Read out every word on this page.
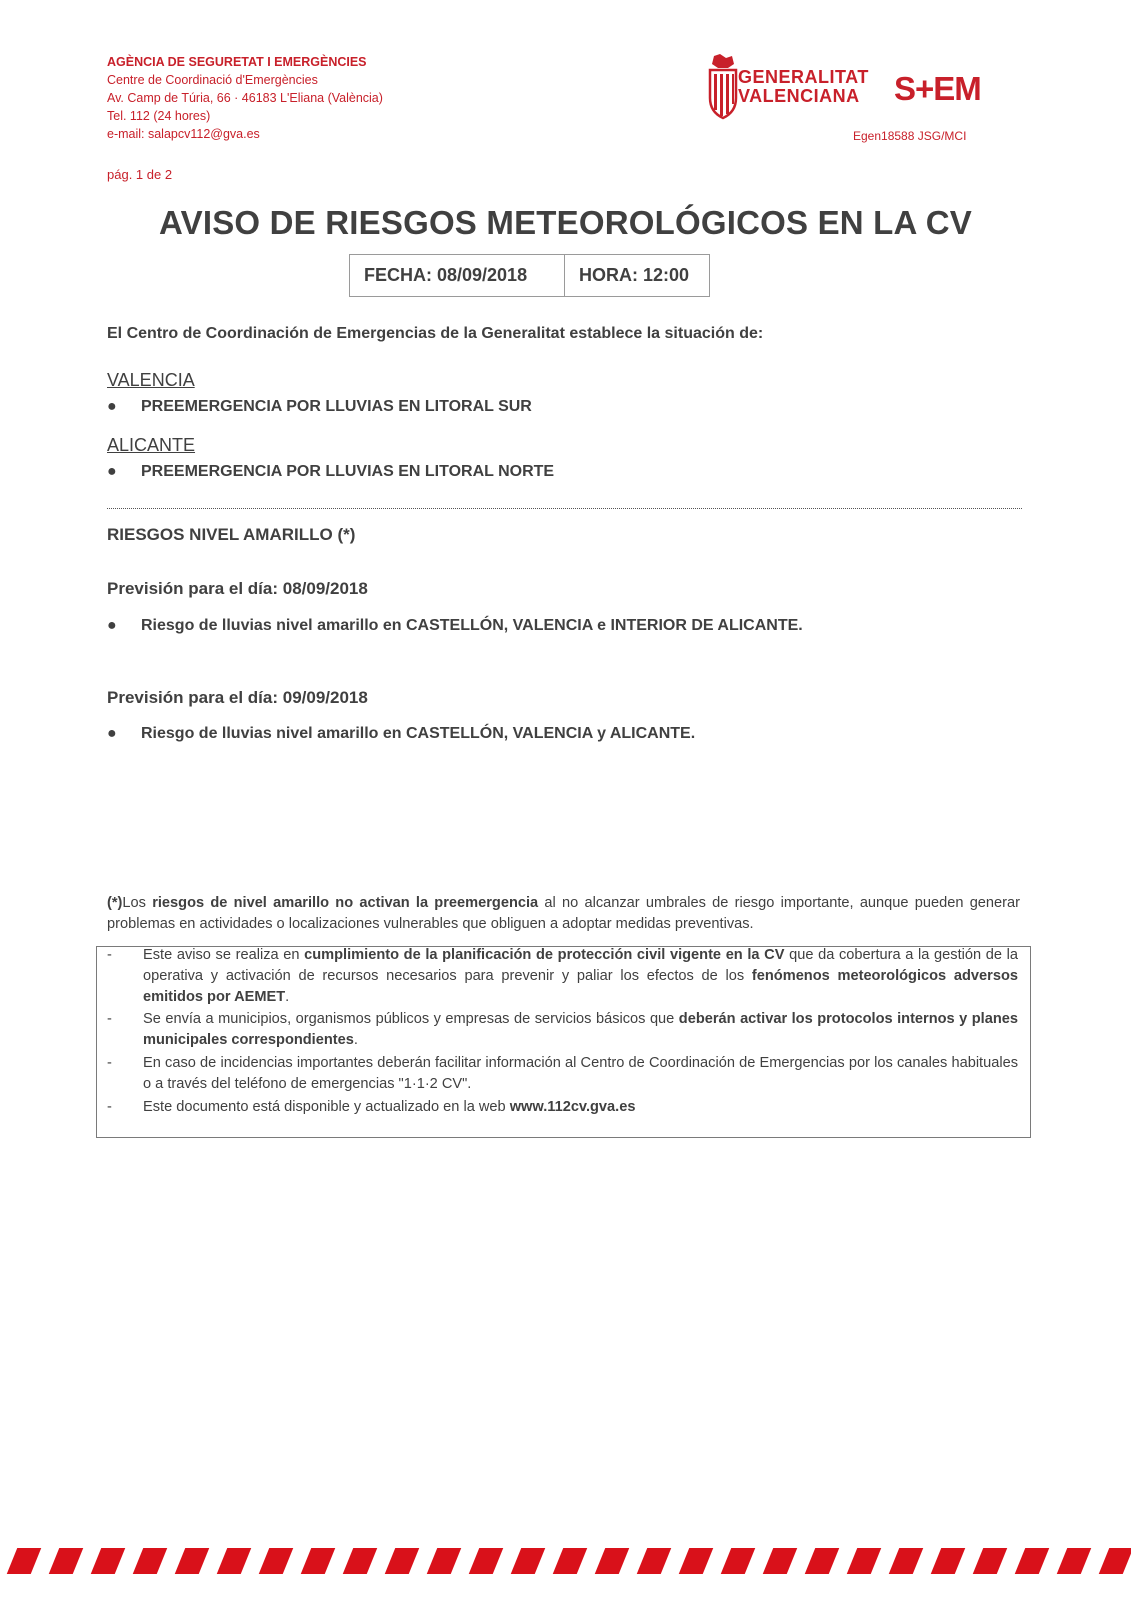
AGÈNCIA DE SEGURETAT I EMERGÈNCIES
Centre de Coordinació d'Emergències
Av. Camp de Túria, 66 · 46183 L'Eliana (València)
Tel. 112 (24 hores)
e-mail: salapcv112@gva.es
GENERALITAT
VALENCIANA S+EM
Egen18588 JSG/MCI
pág. 1 de 2
AVISO DE RIESGOS METEOROLÓGICOS EN LA CV
FECHA: 08/09/2018	HORA: 12:00
El Centro de Coordinación de Emergencias de la Generalitat establece la situación de:
VALENCIA
●	PREEMERGENCIA POR LLUVIAS EN LITORAL SUR
ALICANTE
●	PREEMERGENCIA POR LLUVIAS EN LITORAL NORTE
RIESGOS NIVEL AMARILLO (*)
Previsión para el día: 08/09/2018
●	Riesgo de lluvias nivel amarillo en CASTELLÓN, VALENCIA e INTERIOR DE ALICANTE.
Previsión para el día: 09/09/2018
●	Riesgo de lluvias nivel amarillo en CASTELLÓN, VALENCIA y ALICANTE.
(*)Los riesgos de nivel amarillo no activan la preemergencia al no alcanzar umbrales de riesgo importante, aunque pueden generar problemas en actividades o localizaciones vulnerables que obliguen a adoptar medidas preventivas.
-	Este aviso se realiza en cumplimiento de la planificación de protección civil vigente en la CV que da cobertura a la gestión de la operativa y activación de recursos necesarios para prevenir y paliar los efectos de los fenómenos meteorológicos adversos emitidos por AEMET.
-	Se envía a municipios, organismos públicos y empresas de servicios básicos que deberán activar los protocolos internos y planes municipales correspondientes.
-	En caso de incidencias importantes deberán facilitar información al Centro de Coordinación de Emergencias por los canales habituales o a través del teléfono de emergencias "1·1·2 CV".
-	Este documento está disponible y actualizado en la web www.112cv.gva.es
